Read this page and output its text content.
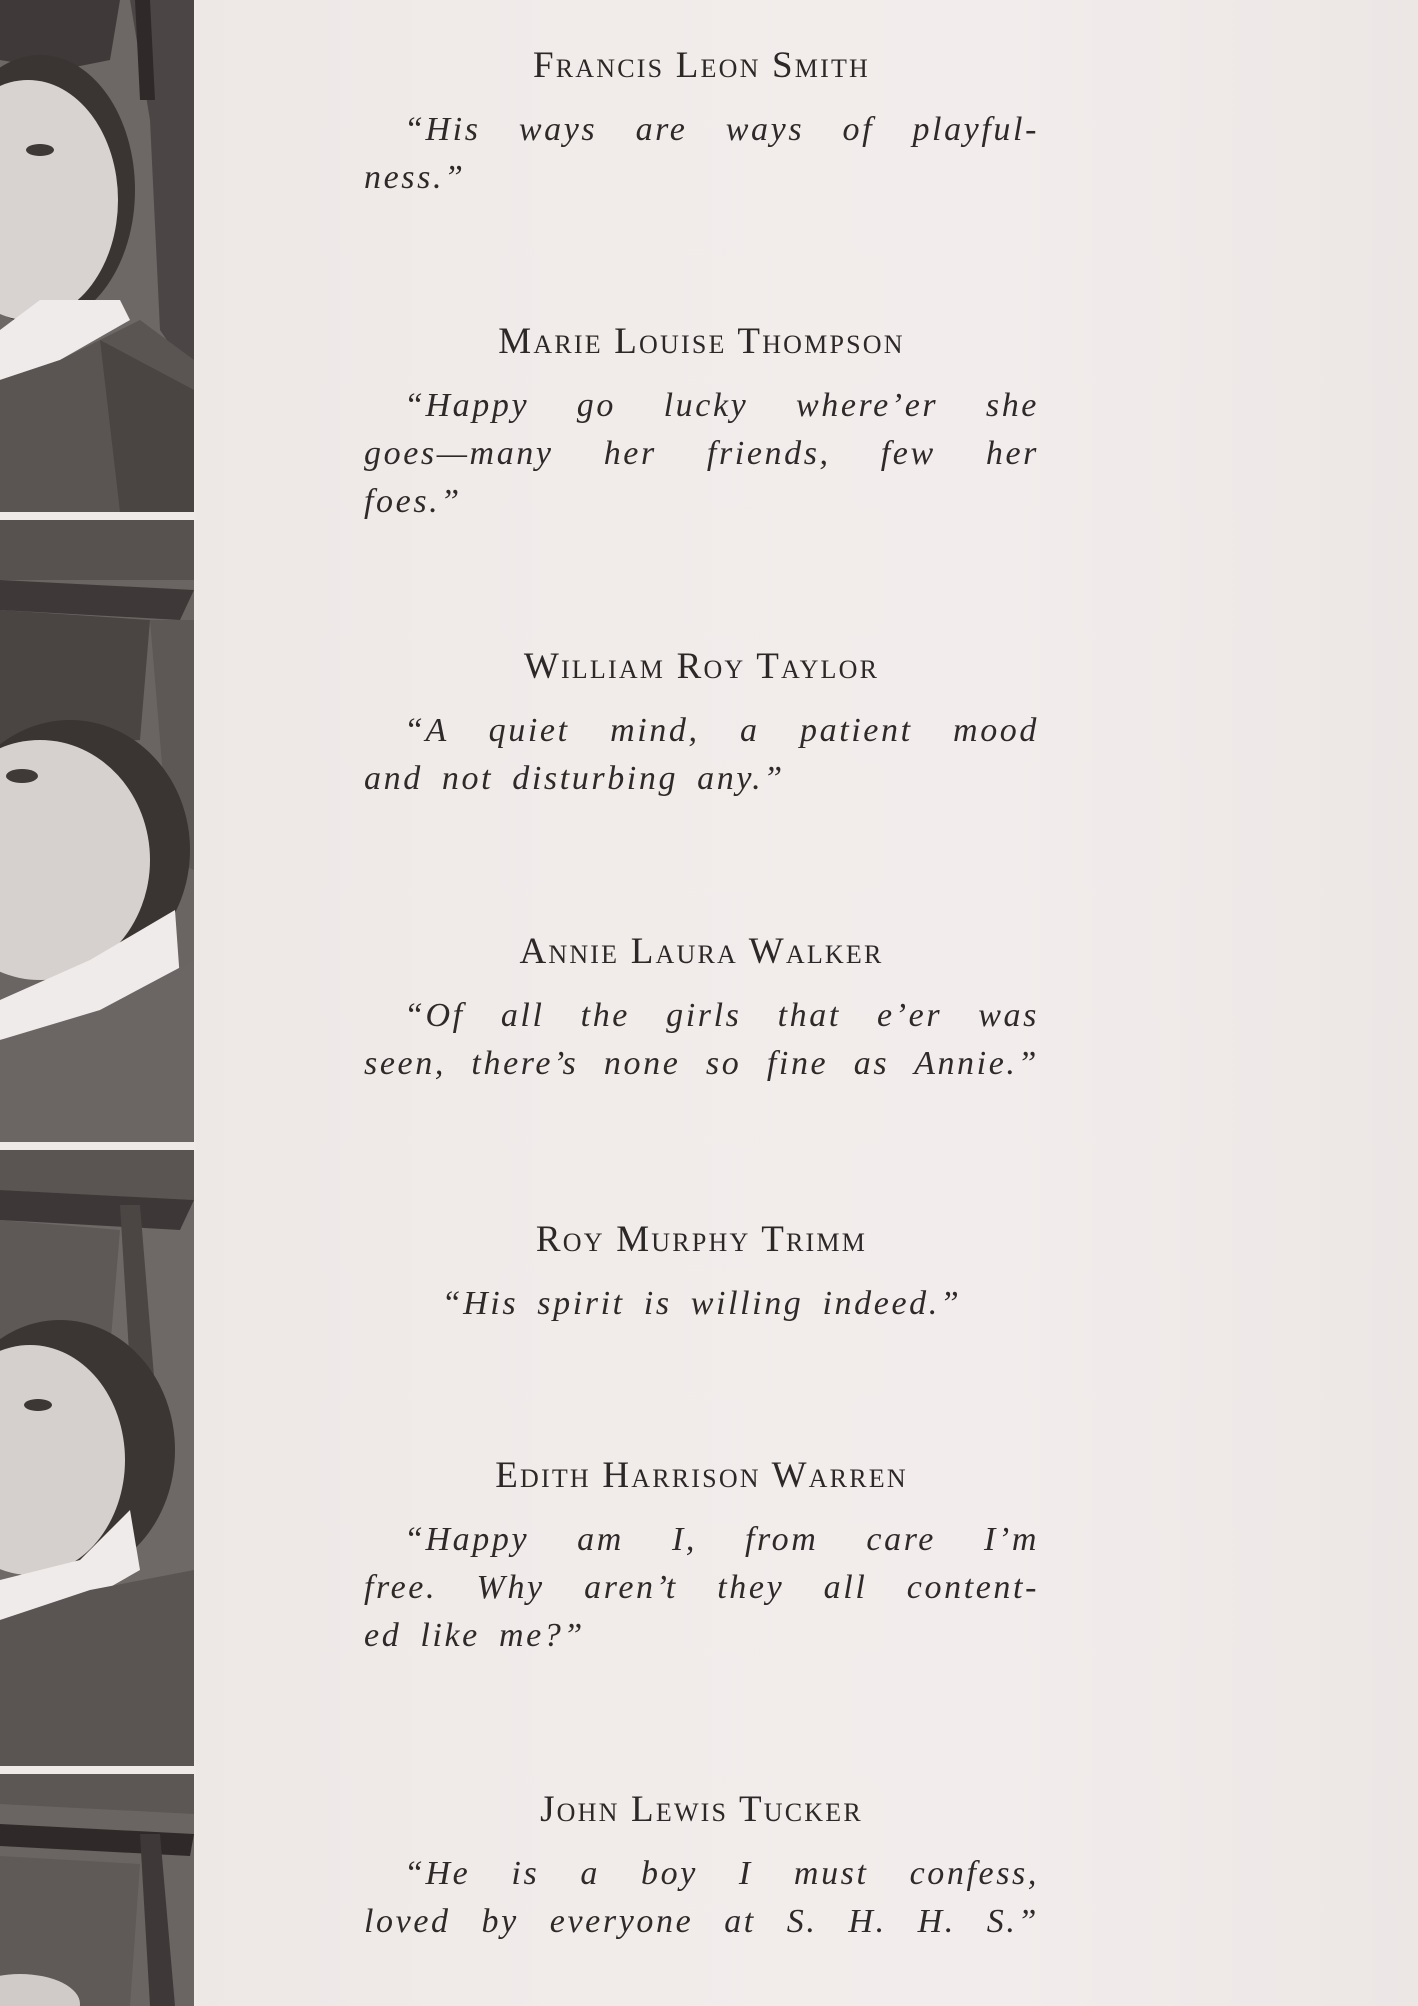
Francis Leon Smith

“His ways are ways of playful-
ness.”

Marie Louise Thompson

“Happy go lucky where’er she
goes—many her friends, few her
foes.”

William Roy Taylor

“A quiet mind, a patient mood
and not disturbing any.”

Annie Laura Walker

“Of all the girls that e’er was
seen, there’s none so fine as Annie.”

Roy Murphy Trimm

“His spirit is willing indeed.”

Edith Harrison Warren

“Happy am I, from care I’m
free. Why aren’t they all content-
ed like me?”

John Lewis Tucker

“He is a boy I must confess,
loved by everyone at S. H. H. S.”
